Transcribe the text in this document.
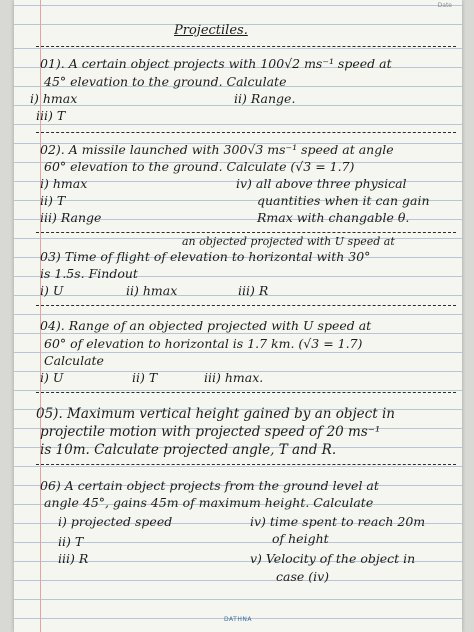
Date
Projectiles.
01). A certain object projects with 100√2 ms⁻¹ speed at
45° elevation to the ground. Calculate
i) hmax	ii) Range.
iii) T
02). A missile launched with 300√3 ms⁻¹ speed at angle
60° elevation to the ground. Calculate (√3 = 1.7)
i) hmax	iv) all above three physical
ii) T	quantities when it can gain
iii) Range	Rmax with changable θ.
an objected projected with U speed at
03) Time of flight of elevation to horizontal with 30°
is 1.5s. Findout
i) U	ii) hmax	iii) R
04). Range of an objected projected with U speed at
60° of elevation to horizontal is 1.7 km. (√3 = 1.7)
Calculate
i) U	ii) T	iii) hmax.
05). Maximum vertical height gained by an object in
projectile motion with projected speed of 20 ms⁻¹
is 10m. Calculate projected angle, T and R.
06) A certain object projects from the ground level at
angle 45°, gains 45m of maximum height. Calculate
i) projected speed	iv) time spent to reach 20m
of height
ii) T
iii) R	v) Velocity of the object in
case (iv)
DATHNA
